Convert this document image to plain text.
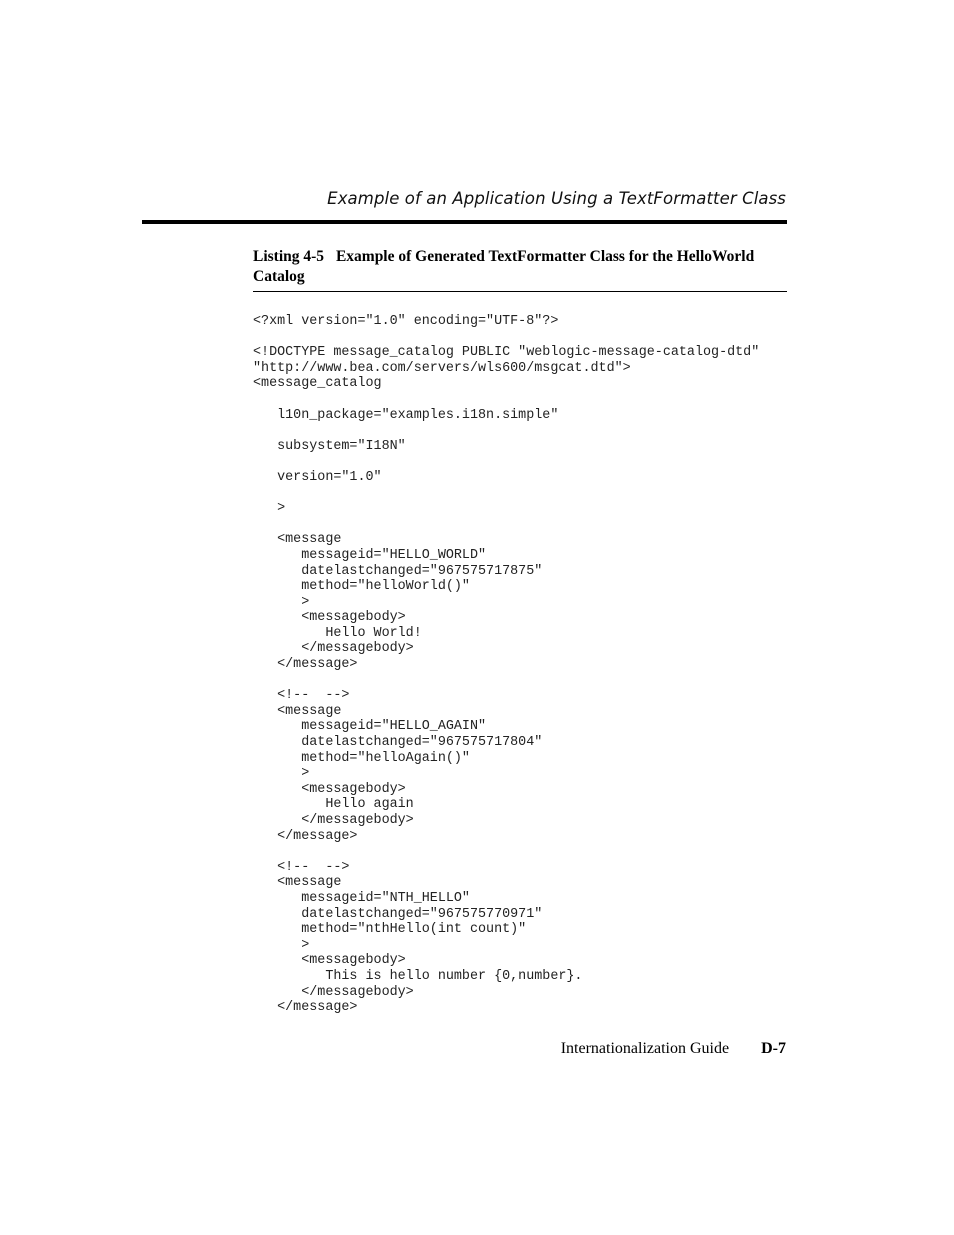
Example of an Application Using a TextFormatter Class
Listing 4-5 Example of Generated TextFormatter Class for the HelloWorld Catalog
<?xml version="1.0" encoding="UTF-8"?>

<!DOCTYPE message_catalog PUBLIC "weblogic-message-catalog-dtd"
"http://www.bea.com/servers/wls600/msgcat.dtd">
<message_catalog

l10n_package="examples.i18n.simple"

subsystem="I18N"

version="1.0"

>

<message
messageid="HELLO_WORLD"
datelastchanged="967575717875"
method="helloWorld()"
>
<messagebody>
Hello World!
</messagebody>
</message>

<!--  -->
<message
messageid="HELLO_AGAIN"
datelastchanged="967575717804"
method="helloAgain()"
>
<messagebody>
Hello again
</messagebody>
</message>

<!--  -->
<message
messageid="NTH_HELLO"
datelastchanged="967575770971"
method="nthHello(int count)"
>
<messagebody>
This is hello number {0,number}.
</messagebody>
</message>
Internationalization Guide D-7
